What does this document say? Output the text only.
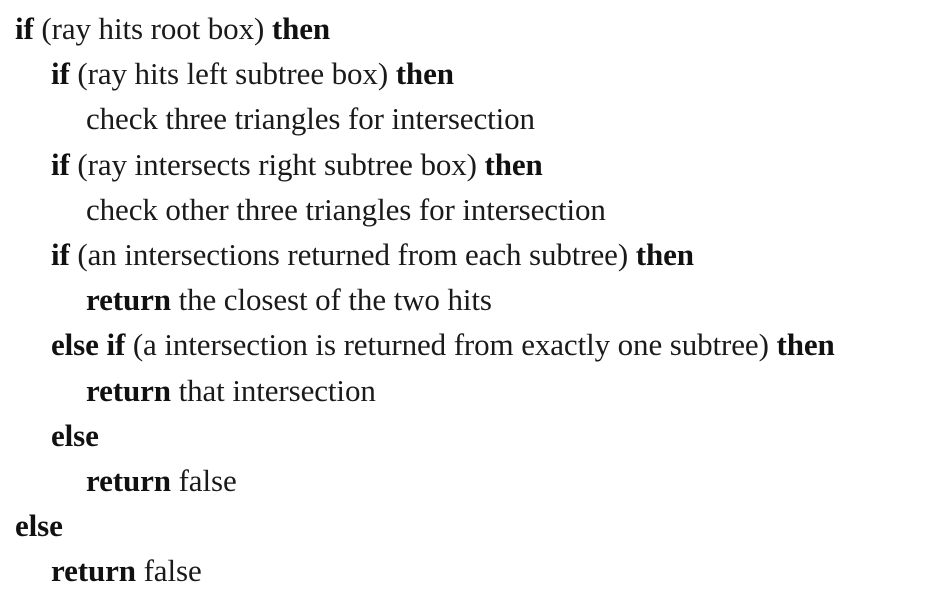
if (ray hits root box) then
if (ray hits left subtree box) then
check three triangles for intersection
if (ray intersects right subtree box) then
check other three triangles for intersection
if (an intersections returned from each subtree) then
return the closest of the two hits
else if (a intersection is returned from exactly one subtree) then
return that intersection
else
return false
else
return false
